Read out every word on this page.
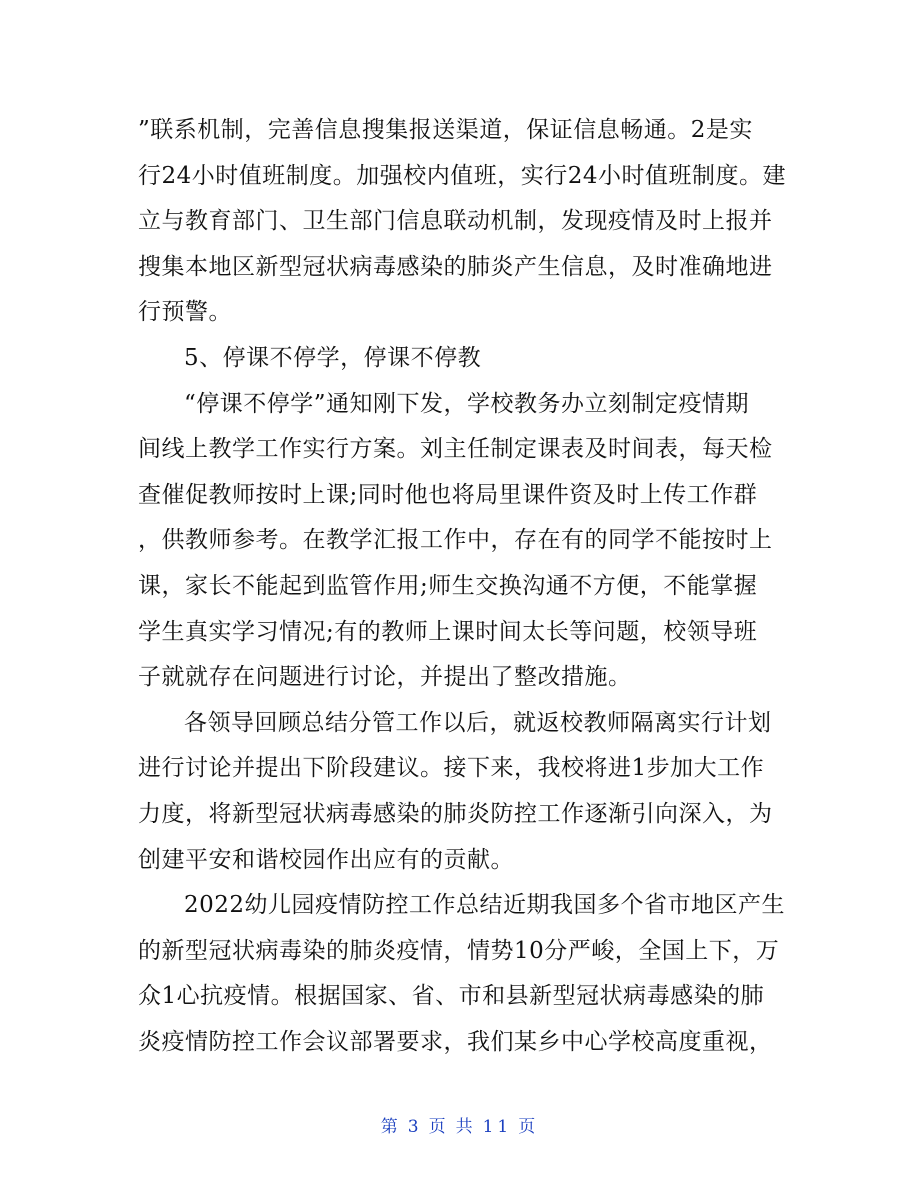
”联系机制，完善信息搜集报送渠道，保证信息畅通。2是实
行24小时值班制度。加强校内值班，实行24小时值班制度。建
立与教育部门、卫生部门信息联动机制，发现疫情及时上报并
搜集本地区新型冠状病毒感染的肺炎产生信息，及时准确地进
行预警。
5、停课不停学，停课不停教
“停课不停学”通知刚下发，学校教务办立刻制定疫情期
间线上教学工作实行方案。刘主任制定课表及时间表，每天检
查催促教师按时上课;同时他也将局里课件资及时上传工作群
，供教师参考。在教学汇报工作中，存在有的同学不能按时上
课，家长不能起到监管作用;师生交换沟通不方便，不能掌握
学生真实学习情况;有的教师上课时间太长等问题，校领导班
子就就存在问题进行讨论，并提出了整改措施。
各领导回顾总结分管工作以后，就返校教师隔离实行计划
进行讨论并提出下阶段建议。接下来，我校将进1步加大工作
力度，将新型冠状病毒感染的肺炎防控工作逐渐引向深入，为
创建平安和谐校园作出应有的贡献。
2022幼儿园疫情防控工作总结近期我国多个省市地区产生
的新型冠状病毒染的肺炎疫情，情势10分严峻，全国上下，万
众1心抗疫情。根据国家、省、市和县新型冠状病毒感染的肺
炎疫情防控工作会议部署要求，我们某乡中心学校高度重视，
第 3 页 共 11 页
